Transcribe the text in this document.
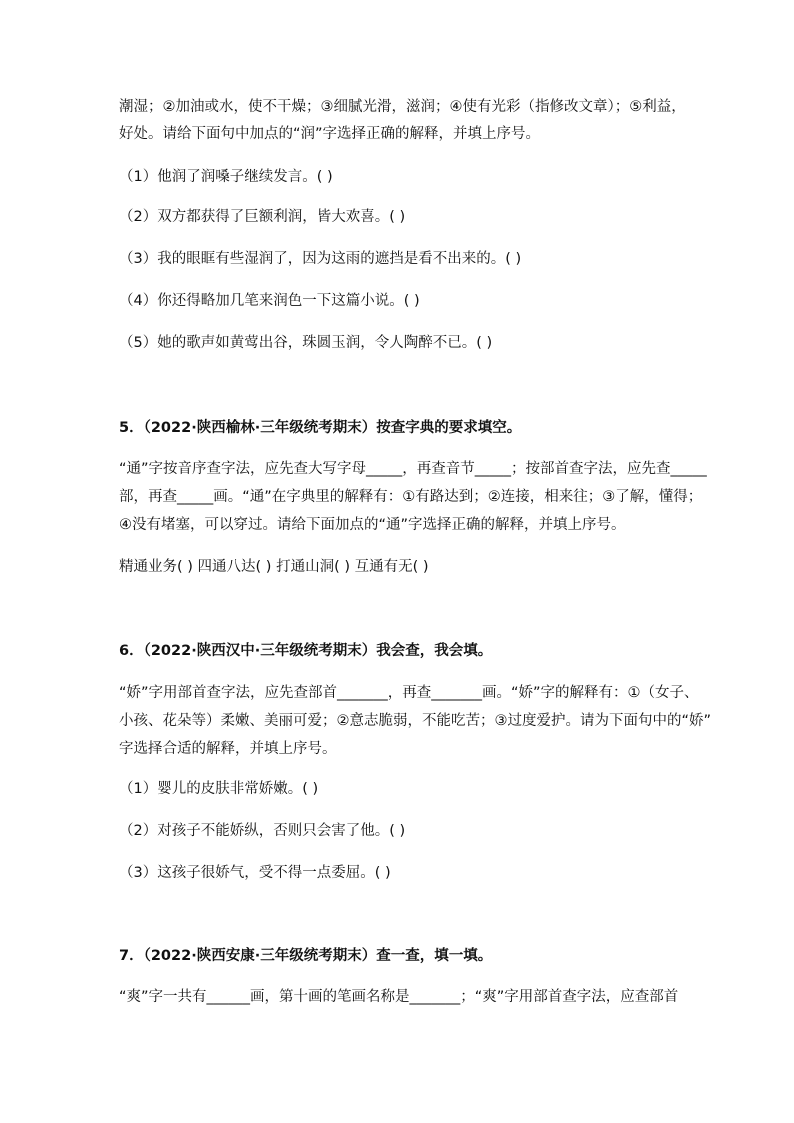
潮湿；②加油或水，使不干燥；③细腻光滑，滋润；④使有光彩（指修改文章）；⑤利益，
好处。请给下面句中加点的“润”字选择正确的解释，并填上序号。
（1）他润了润嗓子继续发言。( )
（2）双方都获得了巨额利润，皆大欢喜。( )
（3）我的眼眶有些湿润了，因为这雨的遮挡是看不出来的。( )
（4）你还得略加几笔来润色一下这篇小说。( )
（5）她的歌声如黄莺出谷，珠圆玉润，令人陶醉不已。( )
5．（2022·陕西榆林·三年级统考期末）按查字典的要求填空。
“通”字按音序查字法，应先查大写字母_____，再查音节_____；按部首查字法，应先查_____
部，再查_____画。“通”在字典里的解释有：①有路达到；②连接，相来往；③了解，懂得；
④没有堵塞，可以穿过。请给下面加点的“通”字选择正确的解释，并填上序号。
精通业务( ) 四通八达( ) 打通山洞( ) 互通有无( )
6．（2022·陕西汉中·三年级统考期末）我会查，我会填。
“娇”字用部首查字法，应先查部首_______，再查_______画。“娇”字的解释有：①（女子、
小孩、花朵等）柔嫩、美丽可爱；②意志脆弱，不能吃苦；③过度爱护。请为下面句中的“娇”
字选择合适的解释，并填上序号。
（1）婴儿的皮肤非常娇嫩。( )
（2）对孩子不能娇纵，否则只会害了他。( )
（3）这孩子很娇气，受不得一点委屈。( )
7．（2022·陕西安康·三年级统考期末）查一查，填一填。
“爽”字一共有______画，第十画的笔画名称是_______；“爽”字用部首查字法，应查部首
